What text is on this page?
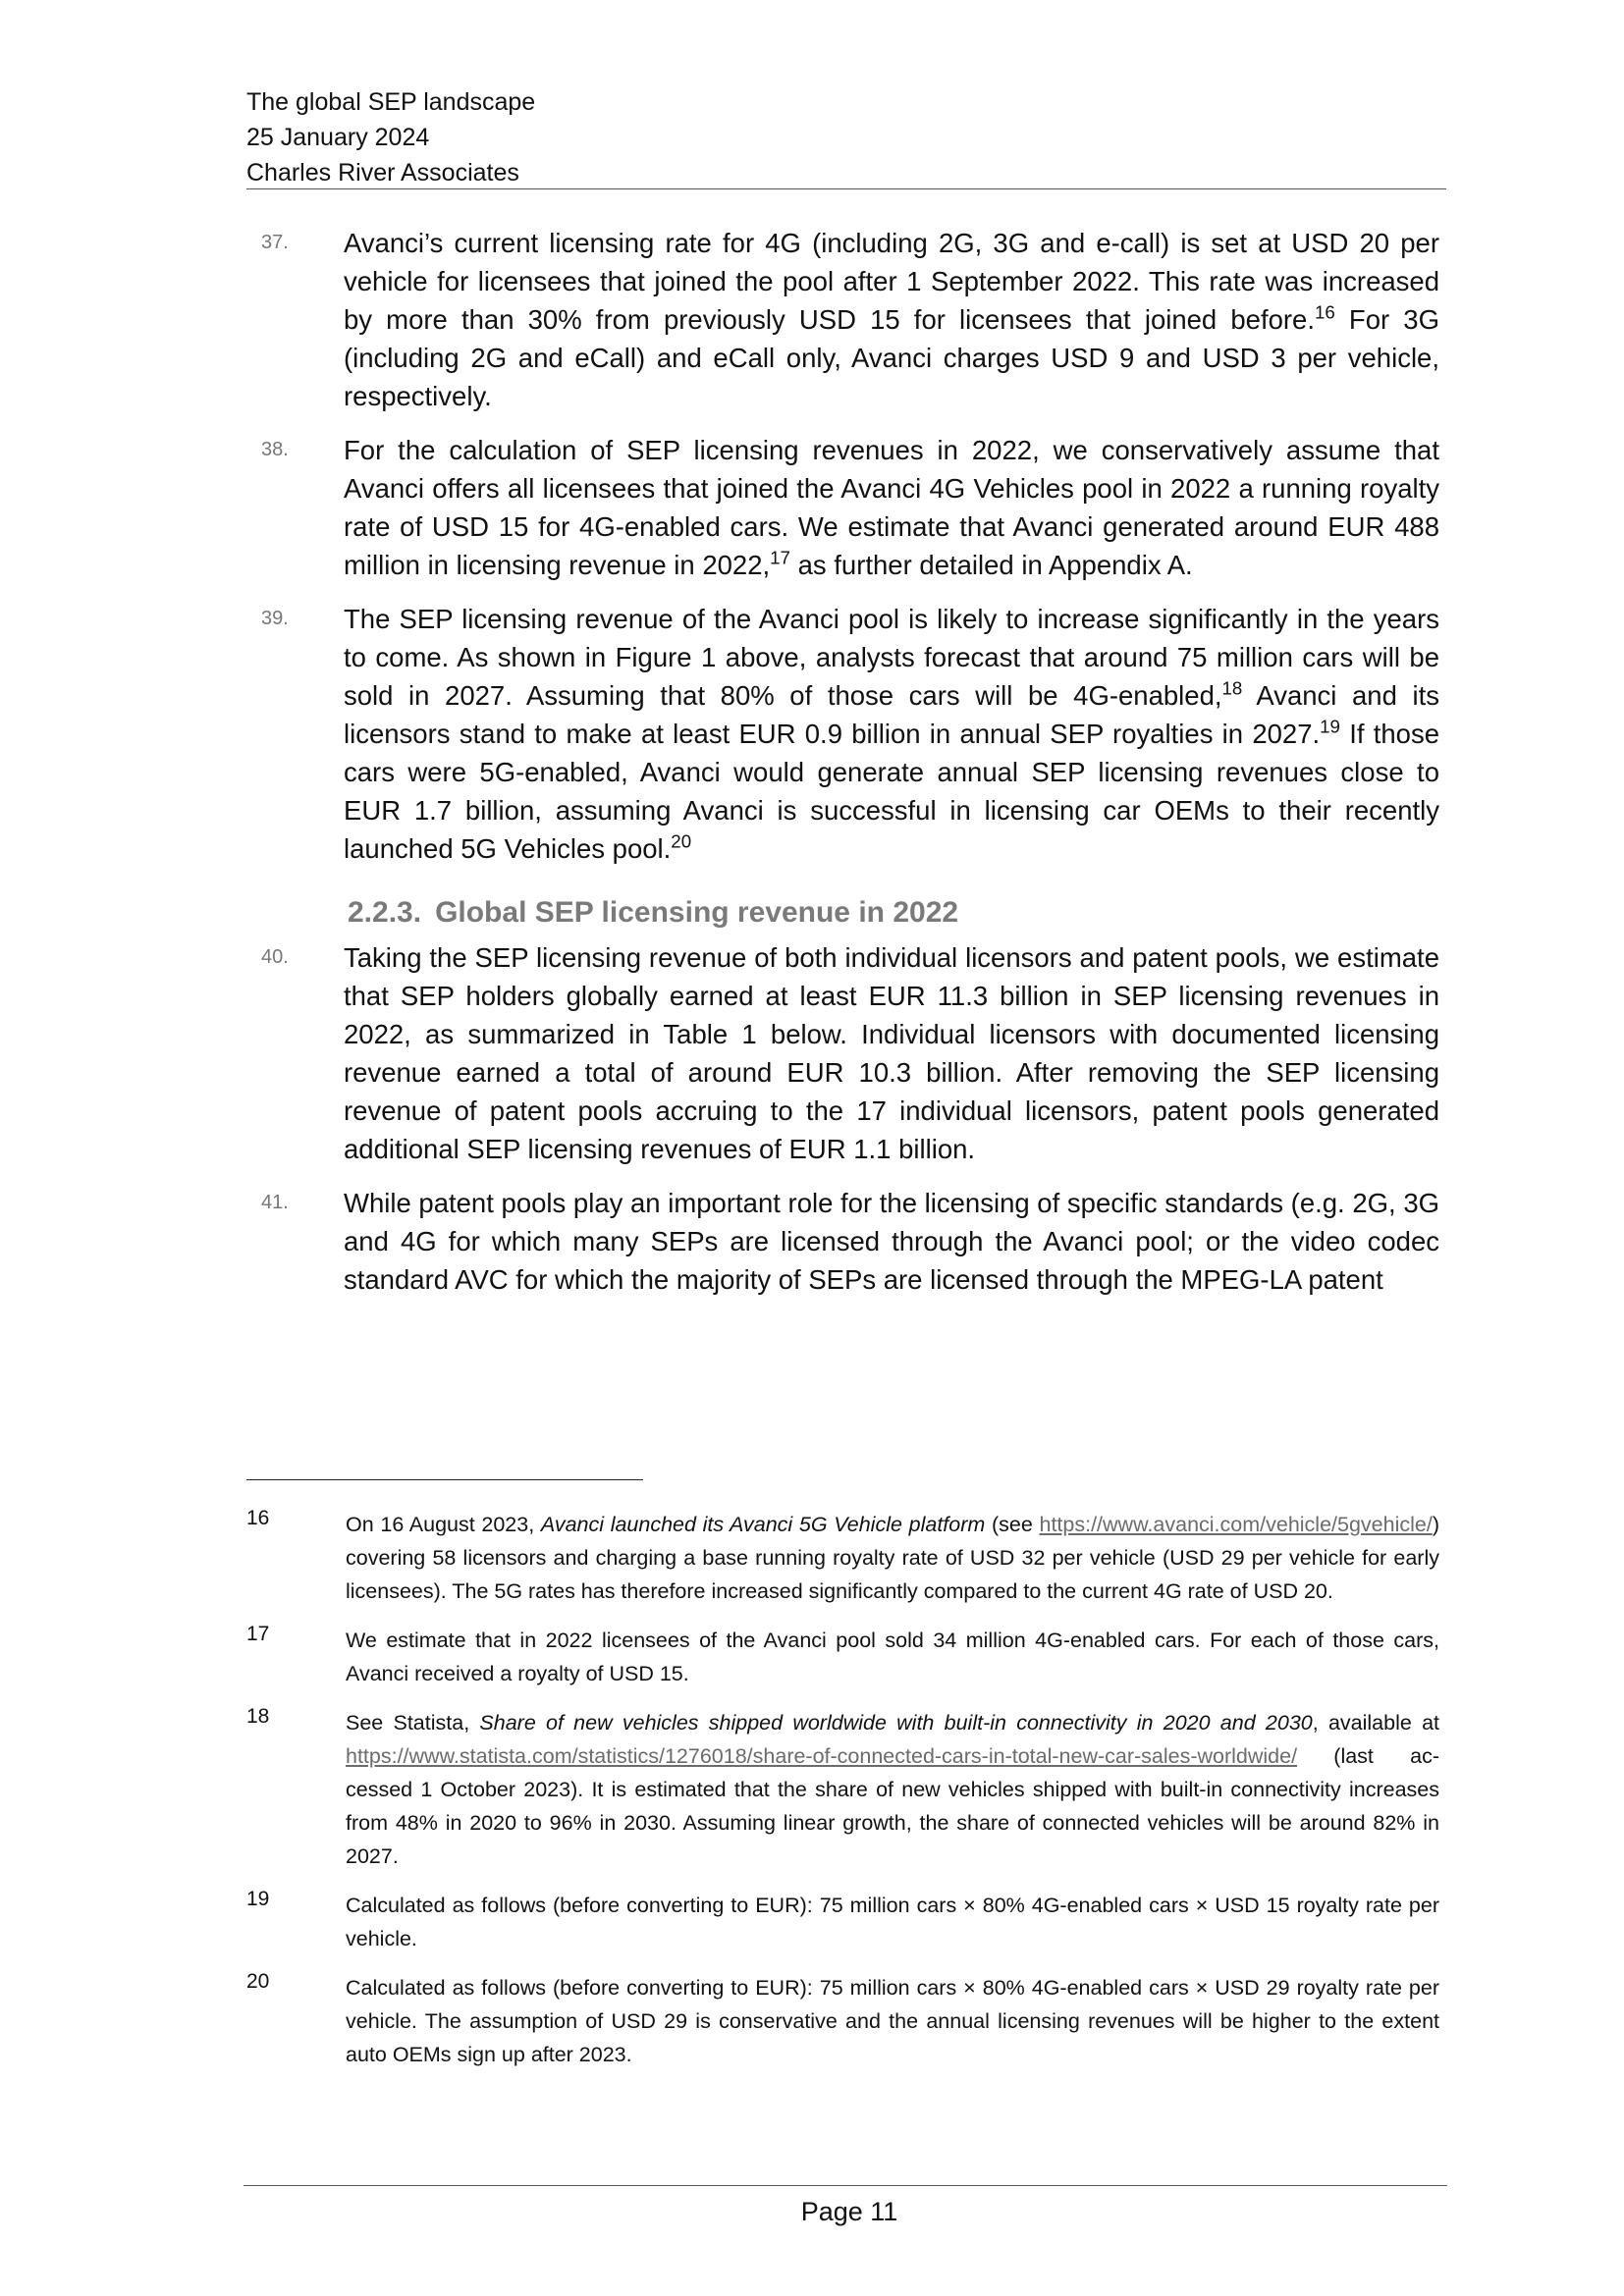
The global SEP landscape
25 January 2024
Charles River Associates
37. Avanci’s current licensing rate for 4G (including 2G, 3G and e-call) is set at USD 20 per vehicle for licensees that joined the pool after 1 September 2022. This rate was increased by more than 30% from previously USD 15 for licensees that joined before.$^{16}$ For 3G (including 2G and eCall) and eCall only, Avanci charges USD 9 and USD 3 per vehicle, respectively.
38. For the calculation of SEP licensing revenues in 2022, we conservatively assume that Avanci offers all licensees that joined the Avanci 4G Vehicles pool in 2022 a running royalty rate of USD 15 for 4G-enabled cars. We estimate that Avanci generated around EUR 488 million in licensing revenue in 2022,17 as further detailed in Appendix A.
39. The SEP licensing revenue of the Avanci pool is likely to increase significantly in the years to come. As shown in Figure 1 above, analysts forecast that around 75 million cars will be sold in 2027. Assuming that 80% of those cars will be 4G-enabled,$^{18}$ Avanci and its licensors stand to make at least EUR 0.9 billion in annual SEP royalties in 2027.19 If those cars were 5G-enabled, Avanci would generate annual SEP licensing revenues close to EUR 1.7 billion, assuming Avanci is successful in licensing car OEMs to their recently launched 5G Vehicles pool.$^{20}$
2.2.3. Global SEP licensing revenue in 2022
40. Taking the SEP licensing revenue of both individual licensors and patent pools, we estimate that SEP holders globally earned at least EUR 11.3 billion in SEP licensing revenues in 2022, as summarized in Table 1 below. Individual licensors with documented licensing revenue earned a total of around EUR 10.3 billion. After removing the SEP licensing revenue of patent pools accruing to the 17 individual licensors, patent pools generated additional SEP licensing revenues of EUR 1.1 billion.
41. While patent pools play an important role for the licensing of specific standards (e.g. 2G, 3G and 4G for which many SEPs are licensed through the Avanci pool; or the video codec standard AVC for which the majority of SEPs are licensed through the MPEG-LA patent
16	On 16 August 2023, Avanci launched its Avanci 5G Vehicle platform (see https://www.avanci.com/vehicle/5gvehicle/) covering 58 licensors and charging a base running royalty rate of USD 32 per vehicle (USD 29 per vehicle for early licensees). The 5G rates has therefore increased significantly compared to the current 4G rate of USD 20.
17	We estimate that in 2022 licensees of the Avanci pool sold 34 million 4G-enabled cars. For each of those cars, Avanci received a royalty of USD 15.
18	See Statista, Share of new vehicles shipped worldwide with built-in connectivity in 2020 and 2030, available at https://www.statista.com/statistics/1276018/share-of-connected-cars-in-total-new-car-sales-worldwide/ (last ac-cessed 1 October 2023). It is estimated that the share of new vehicles shipped with built-in connectivity increases from 48% in 2020 to 96% in 2030. Assuming linear growth, the share of connected vehicles will be around 82% in 2027.
19	Calculated as follows (before converting to EUR): 75 million cars × 80% 4G-enabled cars × USD 15 royalty rate per vehicle.
20	Calculated as follows (before converting to EUR): 75 million cars × 80% 4G-enabled cars × USD 29 royalty rate per vehicle. The assumption of USD 29 is conservative and the annual licensing revenues will be higher to the extent auto OEMs sign up after 2023.
Page 11
